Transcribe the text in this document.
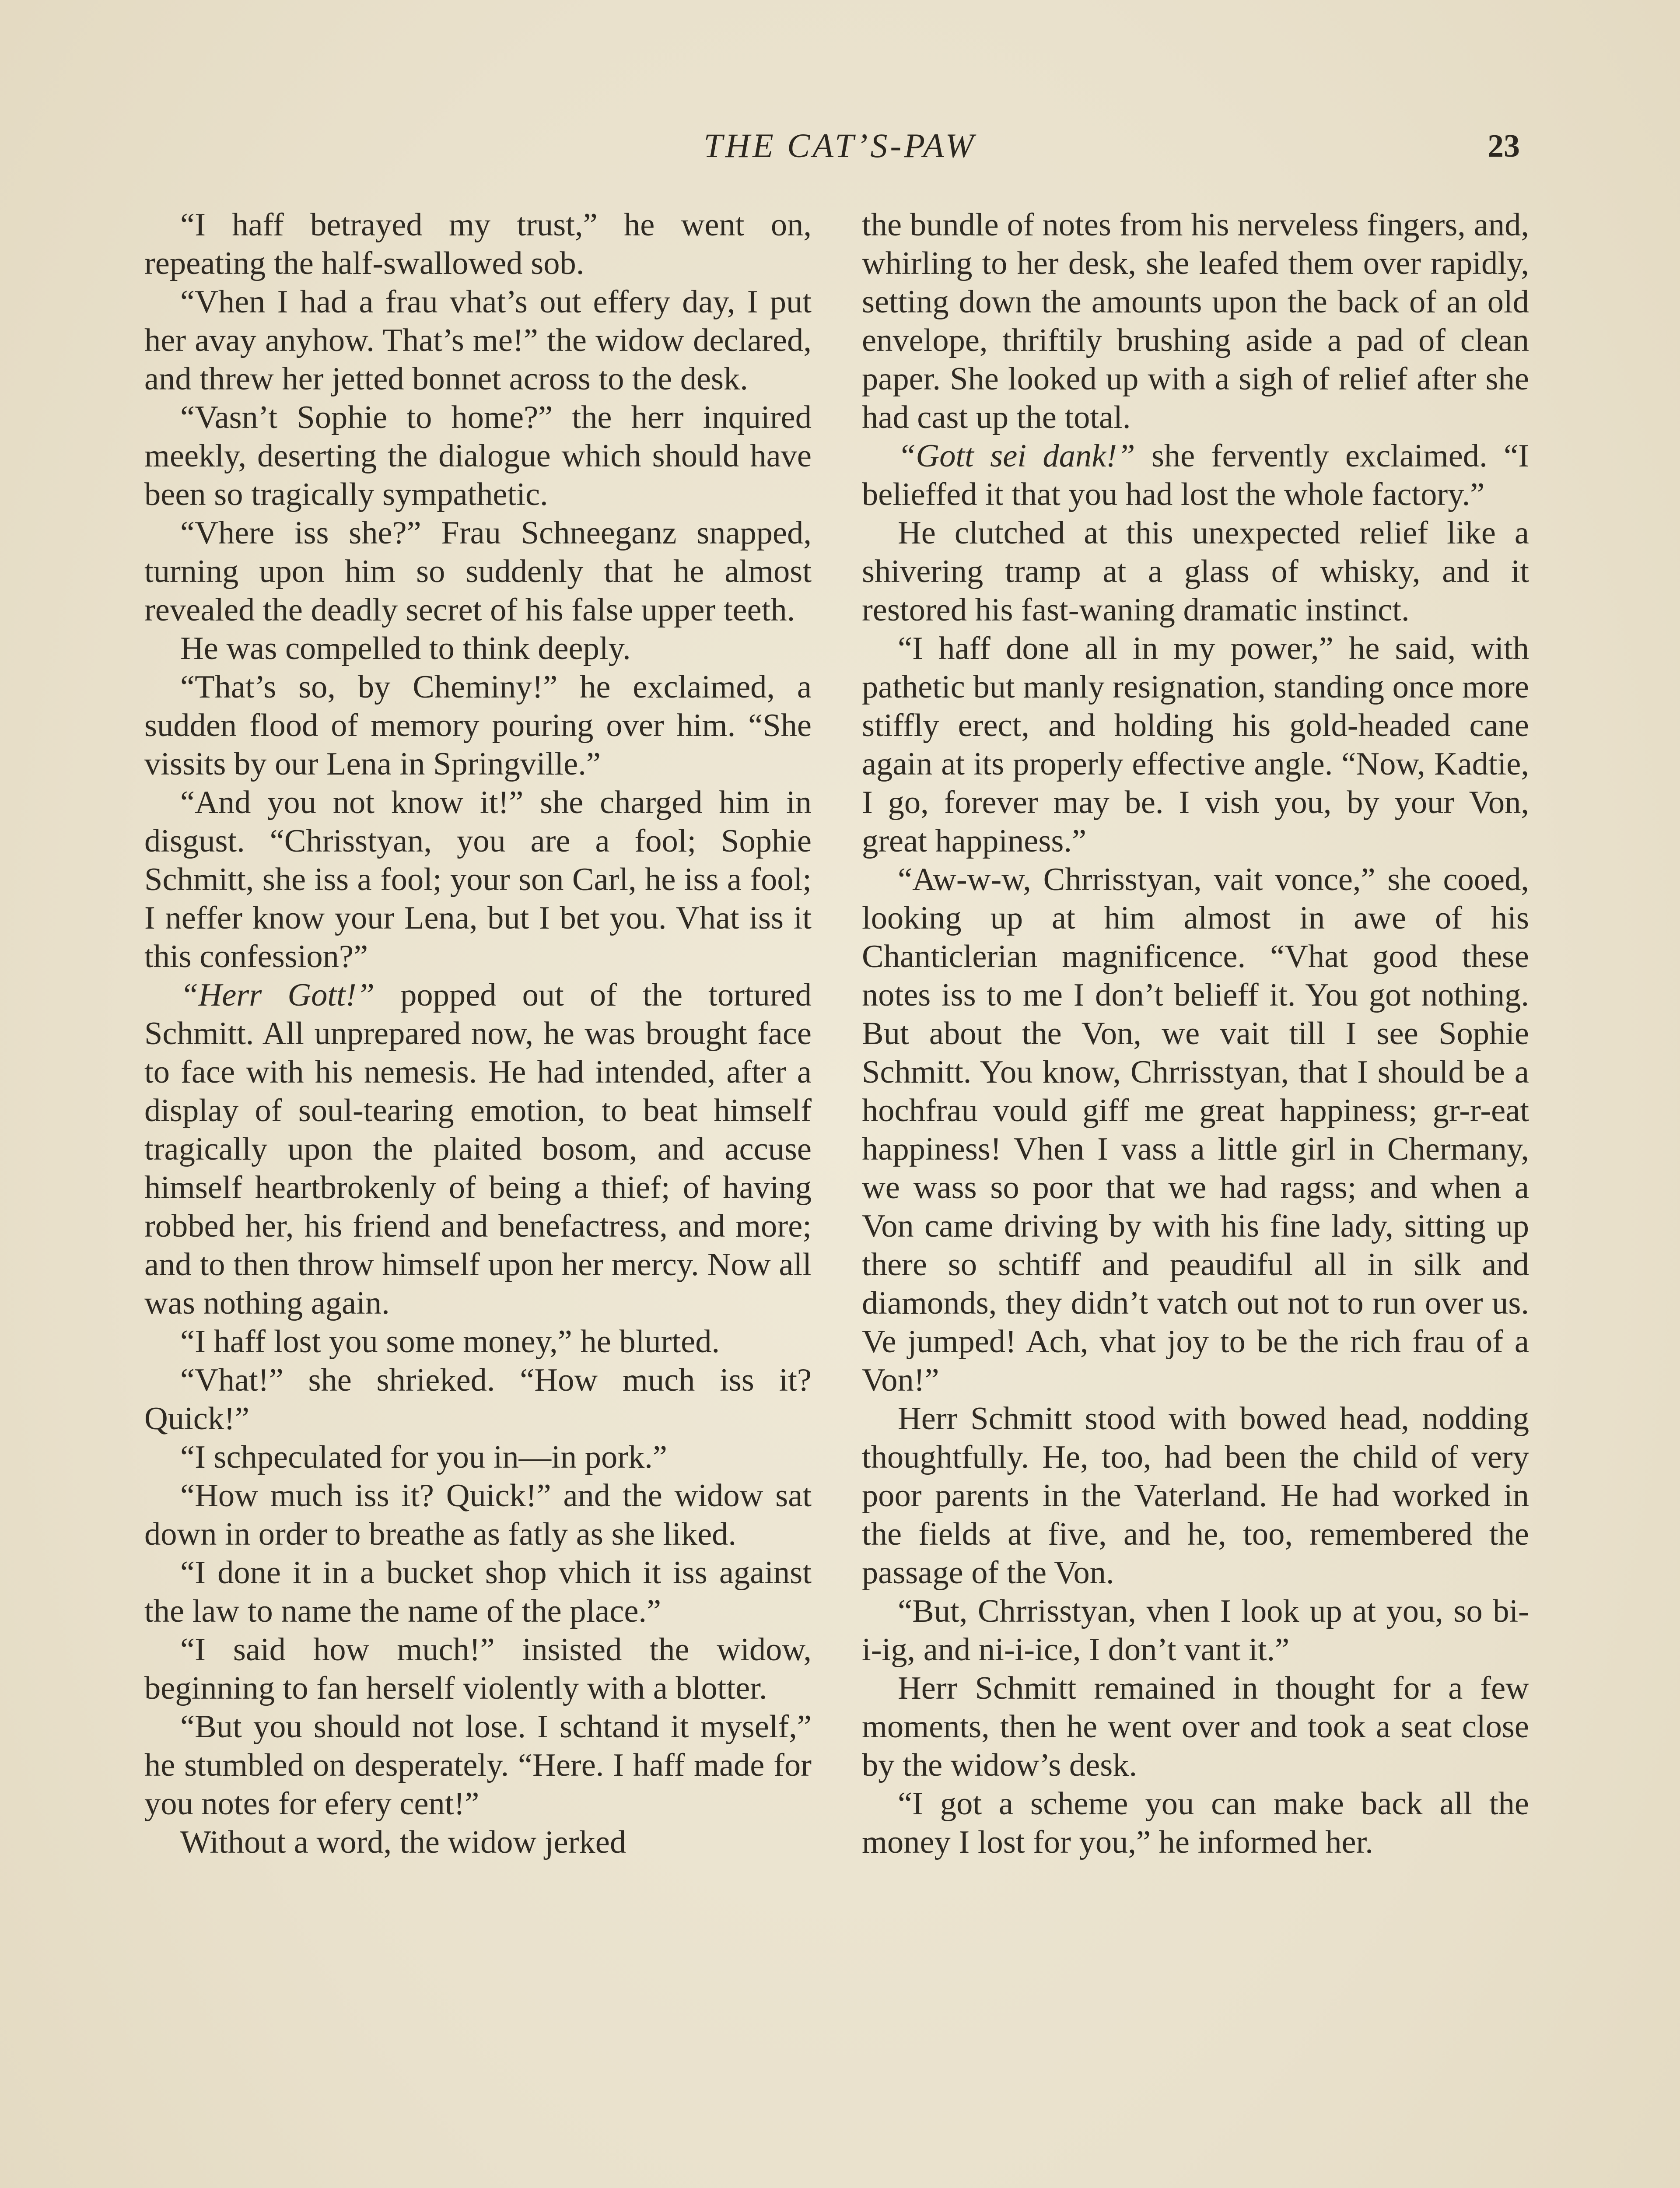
THE CAT’S-PAW	23

“I haff betrayed my trust,” he went on, repeating the half-swallowed sob.

“Vhen I had a frau vhat’s out effery day, I put her avay anyhow. That’s me!” the widow declared, and threw her jetted bonnet across to the desk.

“Vasn’t Sophie to home?” the herr inquired meekly, deserting the dialogue which should have been so tragically sympathetic.

“Vhere iss she?” Frau Schneeganz snapped, turning upon him so suddenly that he almost revealed the deadly secret of his false upper teeth.

He was compelled to think deeply.

“That’s so, by Cheminy!” he exclaimed, a sudden flood of memory pouring over him. “She vissits by our Lena in Springville.”

“And you not know it!” she charged him in disgust. “Chrisstyan, you are a fool; Sophie Schmitt, she iss a fool; your son Carl, he iss a fool; I neffer know your Lena, but I bet you. Vhat iss it this confession?”

“Herr Gott!” popped out of the tortured Schmitt. All unprepared now, he was brought face to face with his nemesis. He had intended, after a display of soul-tearing emotion, to beat himself tragically upon the plaited bosom, and accuse himself heartbrokenly of being a thief; of having robbed her, his friend and benefactress, and more; and to then throw himself upon her mercy. Now all was nothing again.

“I haff lost you some money,” he blurted.

“Vhat!” she shrieked. “How much iss it? Quick!”

“I schpeculated for you in—in pork.”

“How much iss it? Quick!” and the widow sat down in order to breathe as fatly as she liked.

“I done it in a bucket shop vhich it iss against the law to name the name of the place.”

“I said how much!” insisted the widow, beginning to fan herself violently with a blotter.

“But you should not lose. I schtand it myself,” he stumbled on desperately. “Here. I haff made for you notes for efery cent!”

Without a word, the widow jerked

the bundle of notes from his nerveless fingers, and, whirling to her desk, she leafed them over rapidly, setting down the amounts upon the back of an old envelope, thriftily brushing aside a pad of clean paper. She looked up with a sigh of relief after she had cast up the total.

“Gott sei dank!” she fervently exclaimed. “I belieffed it that you had lost the whole factory.”

He clutched at this unexpected relief like a shivering tramp at a glass of whisky, and it restored his fast-waning dramatic instinct.

“I haff done all in my power,” he said, with pathetic but manly resignation, standing once more stiffly erect, and holding his gold-headed cane again at its properly effective angle. “Now, Kadtie, I go, forever may be. I vish you, by your Von, great happiness.”

“Aw-w-w, Chrrisstyan, vait vonce,” she cooed, looking up at him almost in awe of his Chanticlerian magnificence. “Vhat good these notes iss to me I don’t belieff it. You got nothing. But about the Von, we vait till I see Sophie Schmitt. You know, Chrrisstyan, that I should be a hochfrau vould giff me great happiness; gr-r-eat happiness! Vhen I vass a little girl in Chermany, we wass so poor that we had ragss; and when a Von came driving by with his fine lady, sitting up there so schtiff and peaudiful all in silk and diamonds, they didn’t vatch out not to run over us. Ve jumped! Ach, vhat joy to be the rich frau of a Von!”

Herr Schmitt stood with bowed head, nodding thoughtfully. He, too, had been the child of very poor parents in the Vaterland. He had worked in the fields at five, and he, too, remembered the passage of the Von.

“But, Chrrisstyan, vhen I look up at you, so bi-i-ig, and ni-i-ice, I don’t vant it.”

Herr Schmitt remained in thought for a few moments, then he went over and took a seat close by the widow’s desk.

“I got a scheme you can make back all the money I lost for you,” he informed her.
